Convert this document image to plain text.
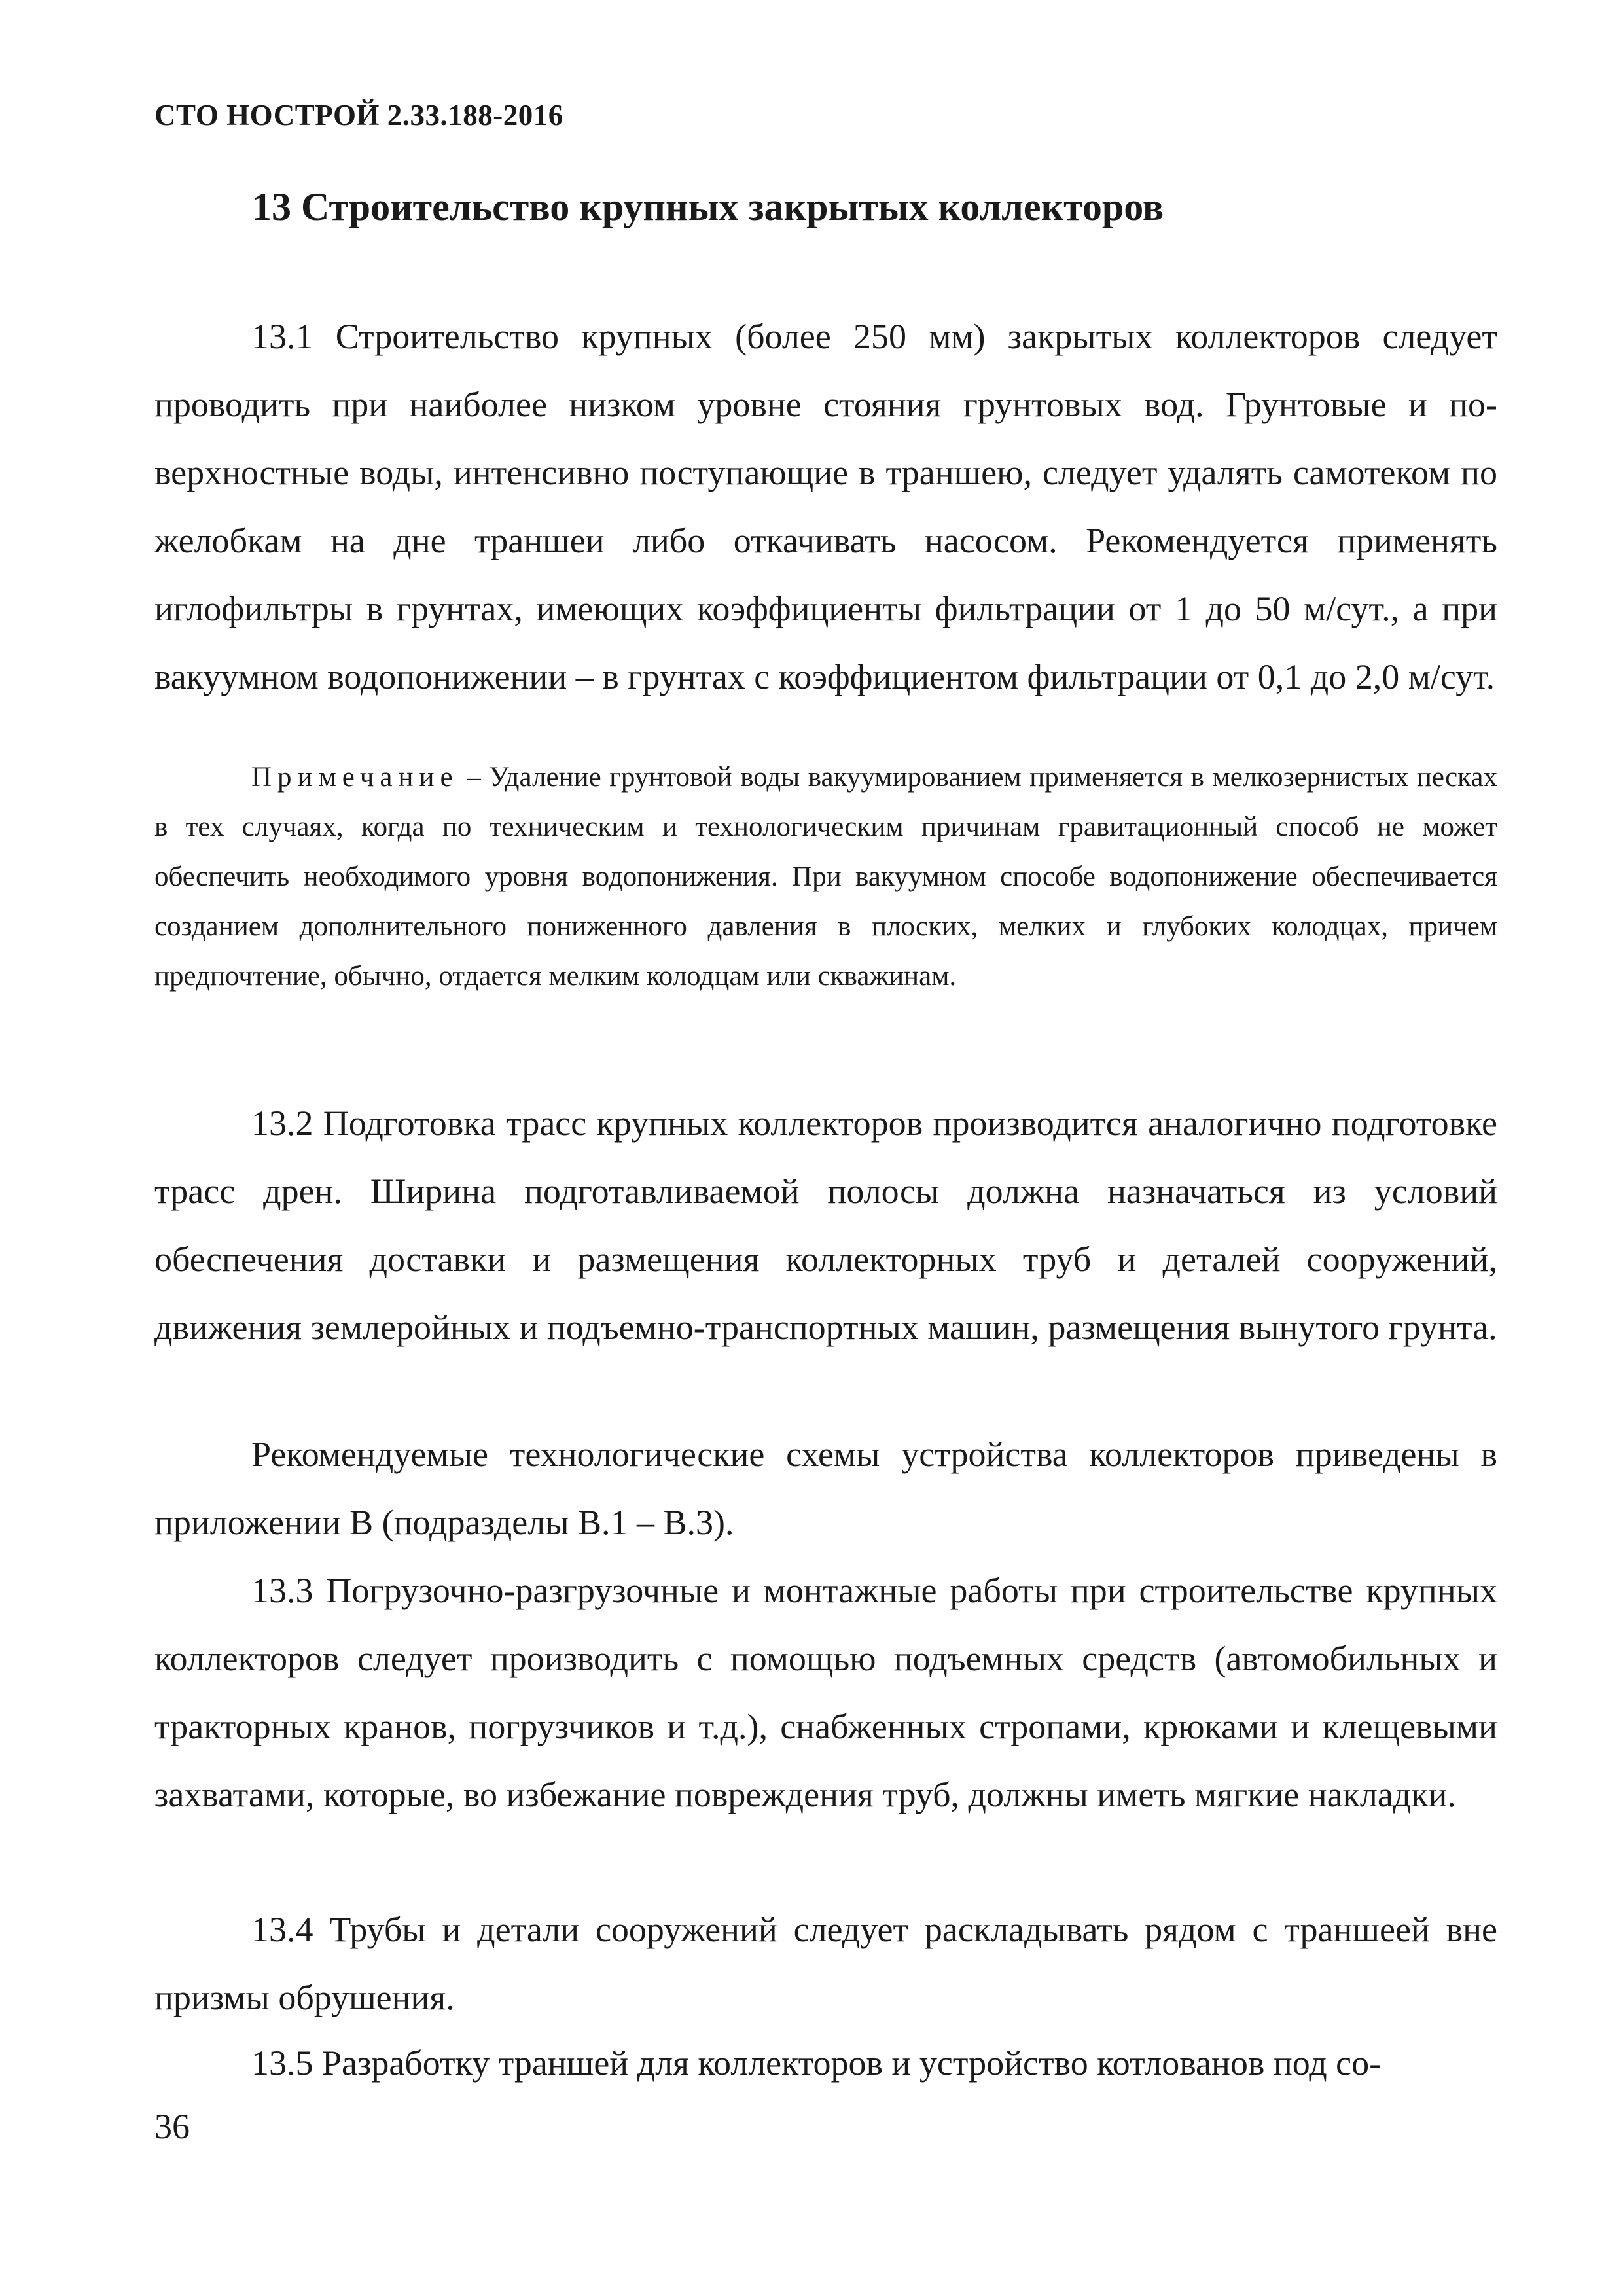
СТО НОСТРОЙ 2.33.188-2016
13 Строительство крупных закрытых коллекторов

13.1 Строительство крупных (более 250 мм) закрытых коллекторов следует проводить при наиболее низком уровне стояния грунтовых вод. Грунтовые и поверхностные воды, интенсивно поступающие в траншею, следует удалять самотеком по желобкам на дне траншеи либо откачивать насосом. Рекомендуется применять иглофильтры в грунтах, имеющих коэффициенты фильтрации от 1 до 50 м/сут., а при вакуумном водопонижении – в грунтах с коэффициентом фильтрации от 0,1 до 2,0 м/сут.

Примечание – Удаление грунтовой воды вакуумированием применяется в мелкозернистых песках в тех случаях, когда по техническим и технологическим причинам гравитационный способ не может обеспечить необходимого уровня водопонижения. При вакуумном способе водопонижение обеспечивается созданием дополнительного пониженного давления в плоских, мелких и глубоких колодцах, причем предпочтение, обычно, отдается мелким колодцам или скважинам.

13.2 Подготовка трасс крупных коллекторов производится аналогично подготовке трасс дрен. Ширина подготавливаемой полосы должна назначаться из условий обеспечения доставки и размещения коллекторных труб и деталей сооружений, движения землеройных и подъемно-транспортных машин, размещения вынутого грунта.

Рекомендуемые технологические схемы устройства коллекторов приведены в приложении В (подразделы В.1 – В.3).

13.3 Погрузочно-разгрузочные и монтажные работы при строительстве крупных коллекторов следует производить с помощью подъемных средств (автомобильных и тракторных кранов, погрузчиков и т.д.), снабженных стропами, крюками и клещевыми захватами, которые, во избежание повреждения труб, должны иметь мягкие накладки.

13.4 Трубы и детали сооружений следует раскладывать рядом с траншеей вне призмы обрушения.

13.5 Разработку траншей для коллекторов и устройство котлованов под со-

36
